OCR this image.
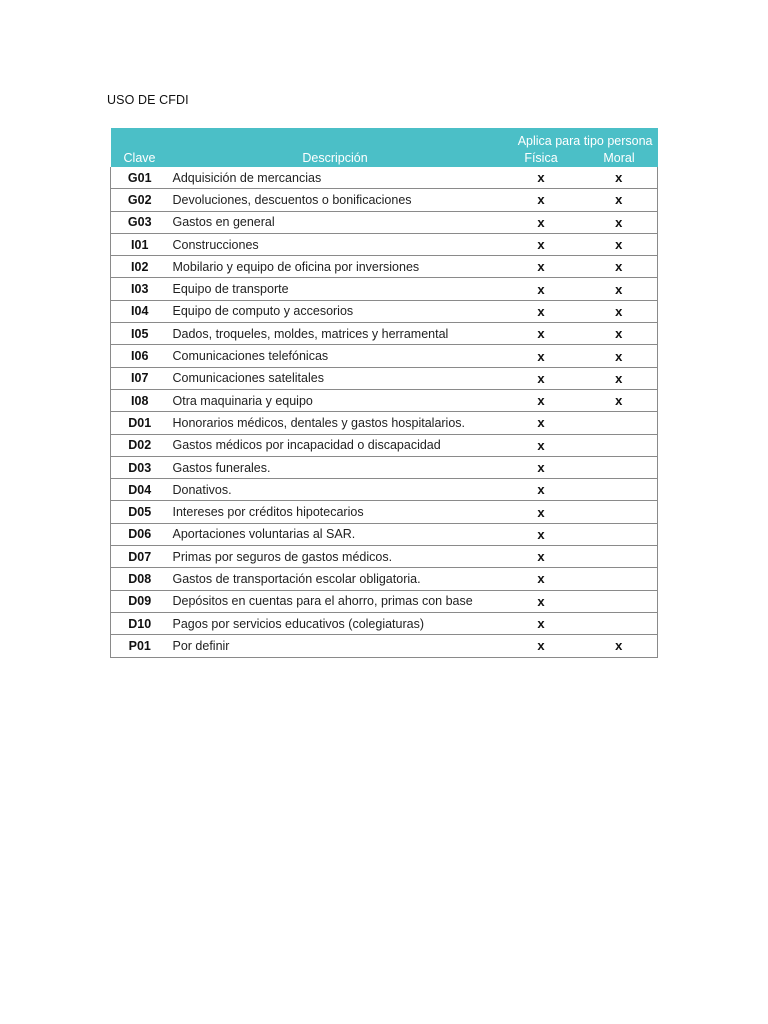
USO DE CFDI
		Aplica para tipo persona	
Clave	Descripción	Física	Moral
G01	Adquisición de mercancias	x	x
G02	Devoluciones, descuentos o bonificaciones	x	x
G03	Gastos en general	x	x
I01	Construcciones	x	x
I02	Mobilario y equipo de oficina por inversiones	x	x
I03	Equipo de transporte	x	x
I04	Equipo de computo y accesorios	x	x
I05	Dados, troqueles, moldes, matrices y herramental	x	x
I06	Comunicaciones telefónicas	x	x
I07	Comunicaciones satelitales	x	x
I08	Otra maquinaria y equipo	x	x
D01	Honorarios médicos, dentales y gastos hospitalarios.	x	
D02	Gastos médicos por incapacidad o discapacidad	x	
D03	Gastos funerales.	x	
D04	Donativos.	x	
D05	Intereses por créditos hipotecarios	x	
D06	Aportaciones voluntarias al SAR.	x	
D07	Primas por seguros de gastos médicos.	x	
D08	Gastos de transportación escolar obligatoria.	x	
D09	Depósitos en cuentas para el ahorro, primas con base	x	
D10	Pagos por servicios educativos (colegiaturas)	x	
P01	Por definir	x	x
